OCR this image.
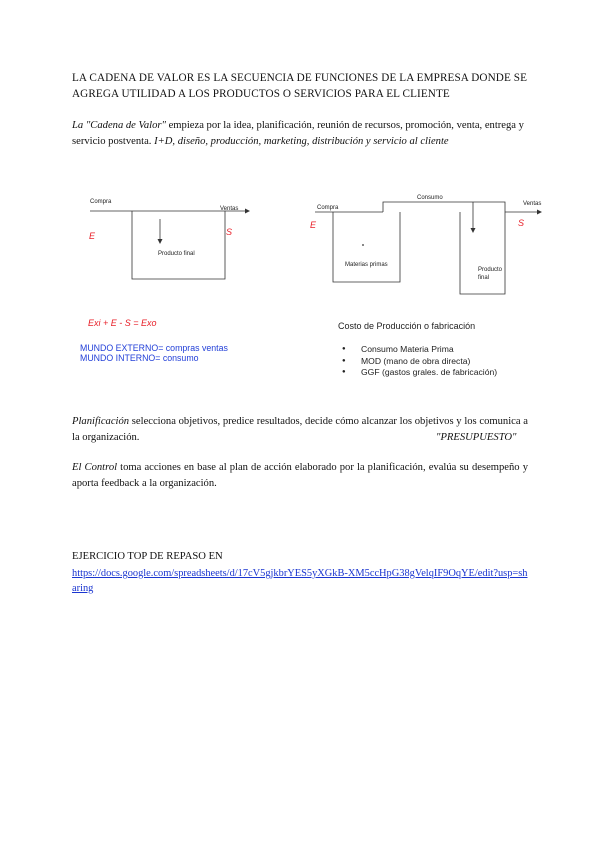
LA CADENA DE VALOR ES LA SECUENCIA DE FUNCIONES DE LA EMPRESA DONDE SE AGREGA UTILIDAD A LOS PRODUCTOS O SERVICIOS PARA EL CLIENTE
La "Cadena de Valor" empieza por la idea, planificación, reunión de recursos, promoción, venta, entrega y servicio postventa. I+D, diseño, producción, marketing, distribución y servicio al cliente
Compra
Ventas
E	S
Producto final
Compra
Consumo
Ventas
E	S
Materias primas
Producto
final
Exi + E - S = Exo
MUNDO EXTERNO= compras ventas
MUNDO INTERNO= consumo
Costo de Producción o fabricación
● Consumo Materia Prima
● MOD (mano de obra directa)
● GGF (gastos grales. de fabricación)
Planificación selecciona objetivos, predice resultados, decide cómo alcanzar los objetivos y los comunica a la organización.	"PRESUPUESTO"
El Control toma acciones en base al plan de acción elaborado por la planificación, evalúa su desempeño y aporta feedback a la organización.
EJERCICIO TOP DE REPASO EN
https://docs.google.com/spreadsheets/d/17cV5gjkbrYES5yXGkB-XM5ccHpG38gVelqIF9OqYE/edit?usp=sharing
